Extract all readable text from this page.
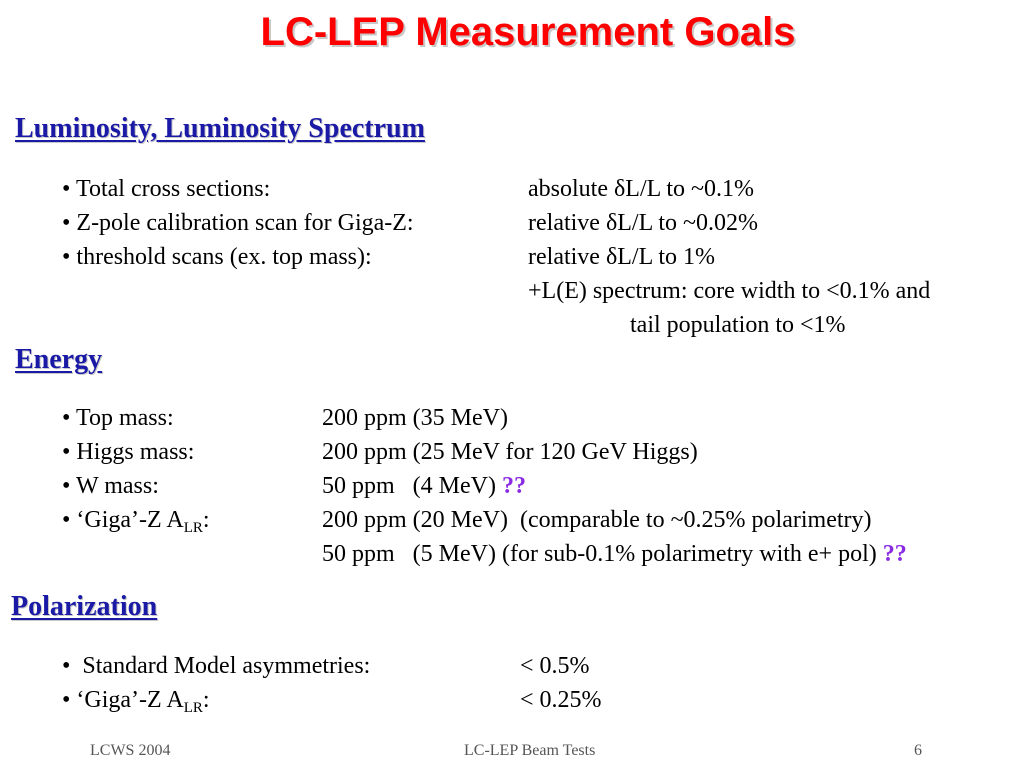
LC-LEP Measurement Goals
Luminosity, Luminosity Spectrum
• Total cross sections:	absolute δL/L to ~0.1%
• Z-pole calibration scan for Giga-Z:	relative δL/L to ~0.02%
• threshold scans (ex. top mass):	relative δL/L to 1%
+L(E) spectrum: core width to <0.1% and
tail population to <1%
Energy
• Top mass:	200 ppm (35 MeV)
• Higgs mass:	200 ppm (25 MeV for 120 GeV Higgs)
• W mass:	50 ppm   (4 MeV) ??
• ‘Giga’-Z $A_{LR}$:	200 ppm (20 MeV)  (comparable to ~0.25% polarimetry)
50 ppm   (5 MeV) (for sub-0.1% polarimetry with e+ pol) ??
Polarization
•  Standard Model asymmetries:	< 0.5%
• ‘Giga’-Z $A_{LR}$:	< 0.25%
LCWS 2004	LC-LEP Beam Tests	6
